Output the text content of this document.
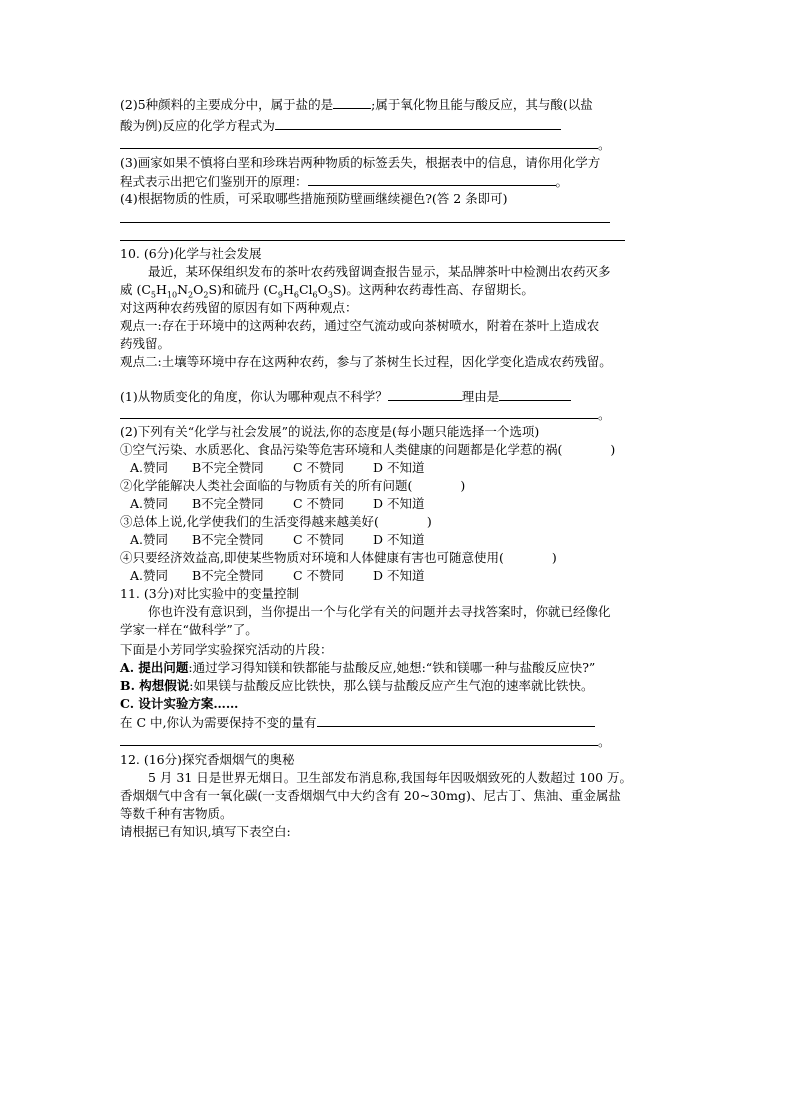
(2)5种颜料的主要成分中，属于盐的是	;属于氧化物且能与酸反应，其与酸(以盐
酸为例)反应的化学方程式为
。
(3)画家如果不慎将白垩和珍珠岩两种物质的标签丢失，根据表中的信息，请你用化学方
程式表示出把它们鉴别开的原理：	。
(4)根据物质的性质，可采取哪些措施预防壁画继续褪色?(答 2 条即可)
10. (6分)化学与社会发展
最近，某环保组织发布的茶叶农药残留调查报告显示，某品牌茶叶中检测出农药灭多
威 $(C_5H_{10}N_2O_2S)$和硫丹 $(C_9H_6Cl_6O_3S)$。这两种农药毒性高、存留期长。
对这两种农药残留的原因有如下两种观点：
观点一:存在于环境中的这两种农药，通过空气流动或向茶树喷水，附着在茶叶上造成农
药残留。
观点二:土壤等环境中存在这两种农药，参与了茶树生长过程，因化学变化造成农药残留。
(1)从物质变化的角度，你认为哪种观点不科学？	理由是
。
(2)下列有关“化学与社会发展”的说法,你的态度是(每小题只能选择一个选项)
①空气污染、水质恶化、食品污染等危害环境和人类健康的问题都是化学惹的祸(	)
A.赞同 B不完全赞同 C 不赞同 D 不知道
②化学能解决人类社会面临的与物质有关的所有问题(	)
A.赞同 B不完全赞同 C 不赞同 D 不知道
③总体上说,化学使我们的生活变得越来越美好(	)
A.赞同 B不完全赞同 C 不赞同 D 不知道
④只要经济效益高,即使某些物质对环境和人体健康有害也可随意使用(	)
A.赞同 B不完全赞同 C 不赞同 D 不知道
11. (3分)对比实验中的变量控制
你也许没有意识到，当你提出一个与化学有关的问题并去寻找答案时，你就已经像化
学家一样在“做科学”了。
下面是小芳同学实验探究活动的片段：
A. 提出问题:通过学习得知镁和铁都能与盐酸反应,她想:“铁和镁哪一种与盐酸反应快?”
B. 构想假说:如果镁与盐酸反应比铁快，那么镁与盐酸反应产生气泡的速率就比铁快。
C. 设计实验方案……
在 C 中,你认为需要保持不变的量有
。
12. (16分)探究香烟烟气的奥秘
5 月 31 日是世界无烟日。卫生部发布消息称,我国每年因吸烟致死的人数超过 100 万。
香烟烟气中含有一氧化碳(一支香烟烟气中大约含有 20~30mg)、尼古丁、焦油、重金属盐
等数千种有害物质。
请根据已有知识,填写下表空白:
